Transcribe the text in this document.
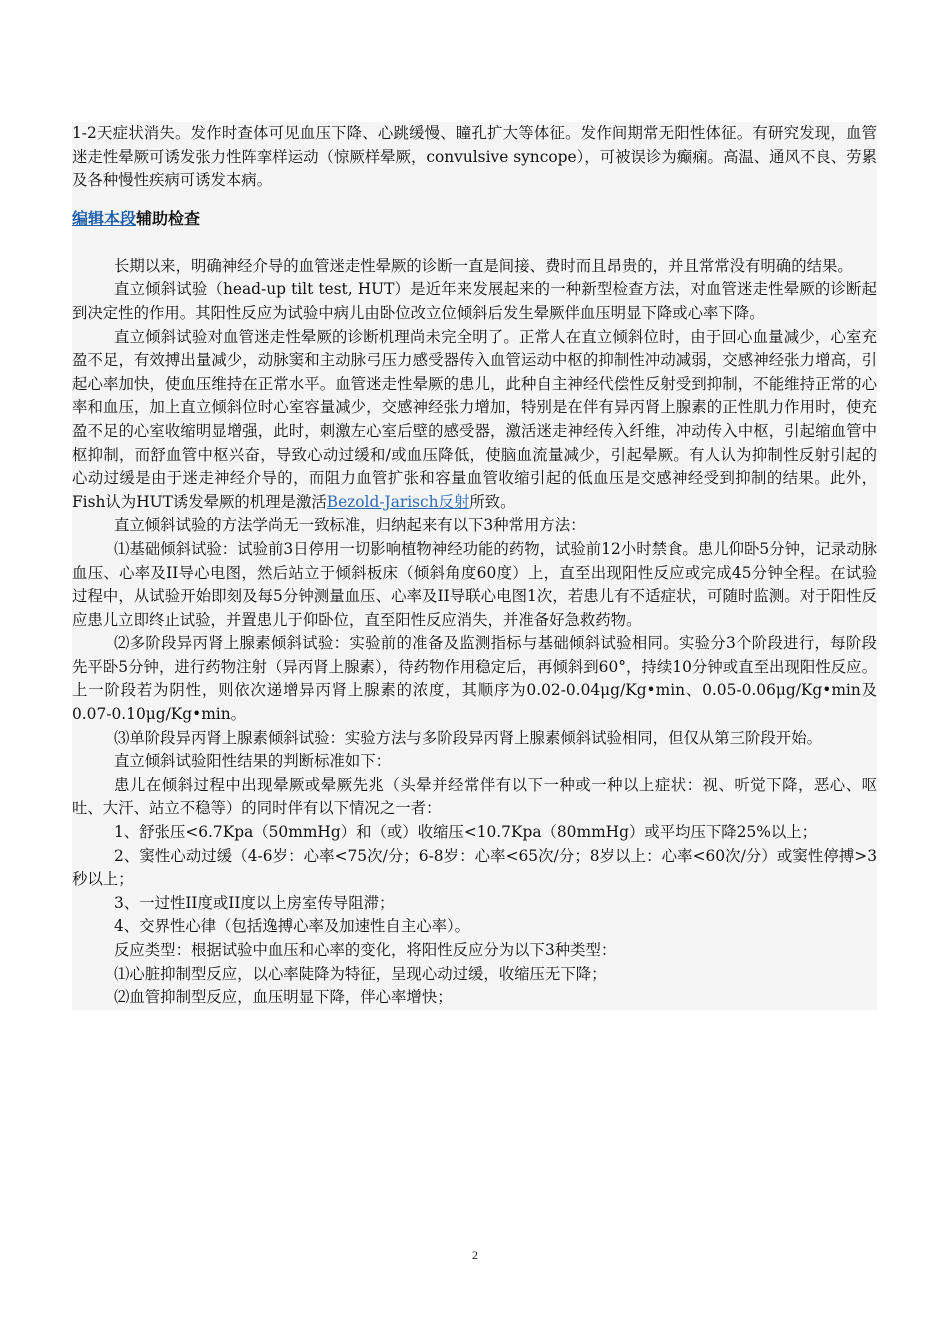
1-2天症状消失。发作时查体可见血压下降、心跳缓慢、瞳孔扩大等体征。发作间期常无阳性体征。有研究发现，血管迷走性晕厥可诱发张力性阵挛样运动（惊厥样晕厥，convulsive syncope），可被误诊为癫痫。高温、通风不良、劳累及各种慢性疾病可诱发本病。

编辑本段辅助检查

长期以来，明确神经介导的血管迷走性晕厥的诊断一直是间接、费时而且昂贵的，并且常常没有明确的结果。

直立倾斜试验（head-up tilt test, HUT）是近年来发展起来的一种新型检查方法，对血管迷走性晕厥的诊断起到决定性的作用。其阳性反应为试验中病儿由卧位改立位倾斜后发生晕厥伴血压明显下降或心率下降。

直立倾斜试验对血管迷走性晕厥的诊断机理尚未完全明了。正常人在直立倾斜位时，由于回心血量减少，心室充盈不足，有效搏出量减少，动脉窦和主动脉弓压力感受器传入血管运动中枢的抑制性冲动减弱，交感神经张力增高，引起心率加快，使血压维持在正常水平。血管迷走性晕厥的患儿，此种自主神经代偿性反射受到抑制，不能维持正常的心率和血压，加上直立倾斜位时心室容量减少，交感神经张力增加，特别是在伴有异丙肾上腺素的正性肌力作用时，使充盈不足的心室收缩明显增强，此时，刺激左心室后壁的感受器，激活迷走神经传入纤维，冲动传入中枢，引起缩血管中枢抑制，而舒血管中枢兴奋，导致心动过缓和/或血压降低，使脑血流量减少，引起晕厥。有人认为抑制性反射引起的心动过缓是由于迷走神经介导的，而阻力血管扩张和容量血管收缩引起的低血压是交感神经受到抑制的结果。此外，Fish认为HUT诱发晕厥的机理是激活Bezold-Jarisch反射所致。

直立倾斜试验的方法学尚无一致标准，归纳起来有以下3种常用方法：

⑴基础倾斜试验：试验前3日停用一切影响植物神经功能的药物，试验前12小时禁食。患儿仰卧5分钟，记录动脉血压、心率及II导心电图，然后站立于倾斜板床（倾斜角度60度）上，直至出现阳性反应或完成45分钟全程。在试验过程中，从试验开始即刻及每5分钟测量血压、心率及II导联心电图1次，若患儿有不适症状，可随时监测。对于阳性反应患儿立即终止试验，并置患儿于仰卧位，直至阳性反应消失，并准备好急救药物。

⑵多阶段异丙肾上腺素倾斜试验：实验前的准备及监测指标与基础倾斜试验相同。实验分3个阶段进行，每阶段先平卧5分钟，进行药物注射（异丙肾上腺素），待药物作用稳定后，再倾斜到60°，持续10分钟或直至出现阳性反应。上一阶段若为阴性，则依次递增异丙肾上腺素的浓度，其顺序为0.02-0.04μg/Kg•min、0.05-0.06μg/Kg•min及0.07-0.10μg/Kg•min。

⑶单阶段异丙肾上腺素倾斜试验：实验方法与多阶段异丙肾上腺素倾斜试验相同，但仅从第三阶段开始。

直立倾斜试验阳性结果的判断标准如下：

患儿在倾斜过程中出现晕厥或晕厥先兆（头晕并经常伴有以下一种或一种以上症状：视、听觉下降，恶心、呕吐、大汗、站立不稳等）的同时伴有以下情况之一者：

1、舒张压<6.7Kpa（50mmHg）和（或）收缩压<10.7Kpa（80mmHg）或平均压下降25%以上；

2、窦性心动过缓（4-6岁：心率<75次/分；6-8岁：心率<65次/分；8岁以上：心率<60次/分）或窦性停搏>3秒以上；

3、一过性II度或II度以上房室传导阻滞；

4、交界性心律（包括逸搏心率及加速性自主心率）。

反应类型：根据试验中血压和心率的变化，将阳性反应分为以下3种类型：

⑴心脏抑制型反应，以心率陡降为特征，呈现心动过缓，收缩压无下降；

⑵血管抑制型反应，血压明显下降，伴心率增快；

2
